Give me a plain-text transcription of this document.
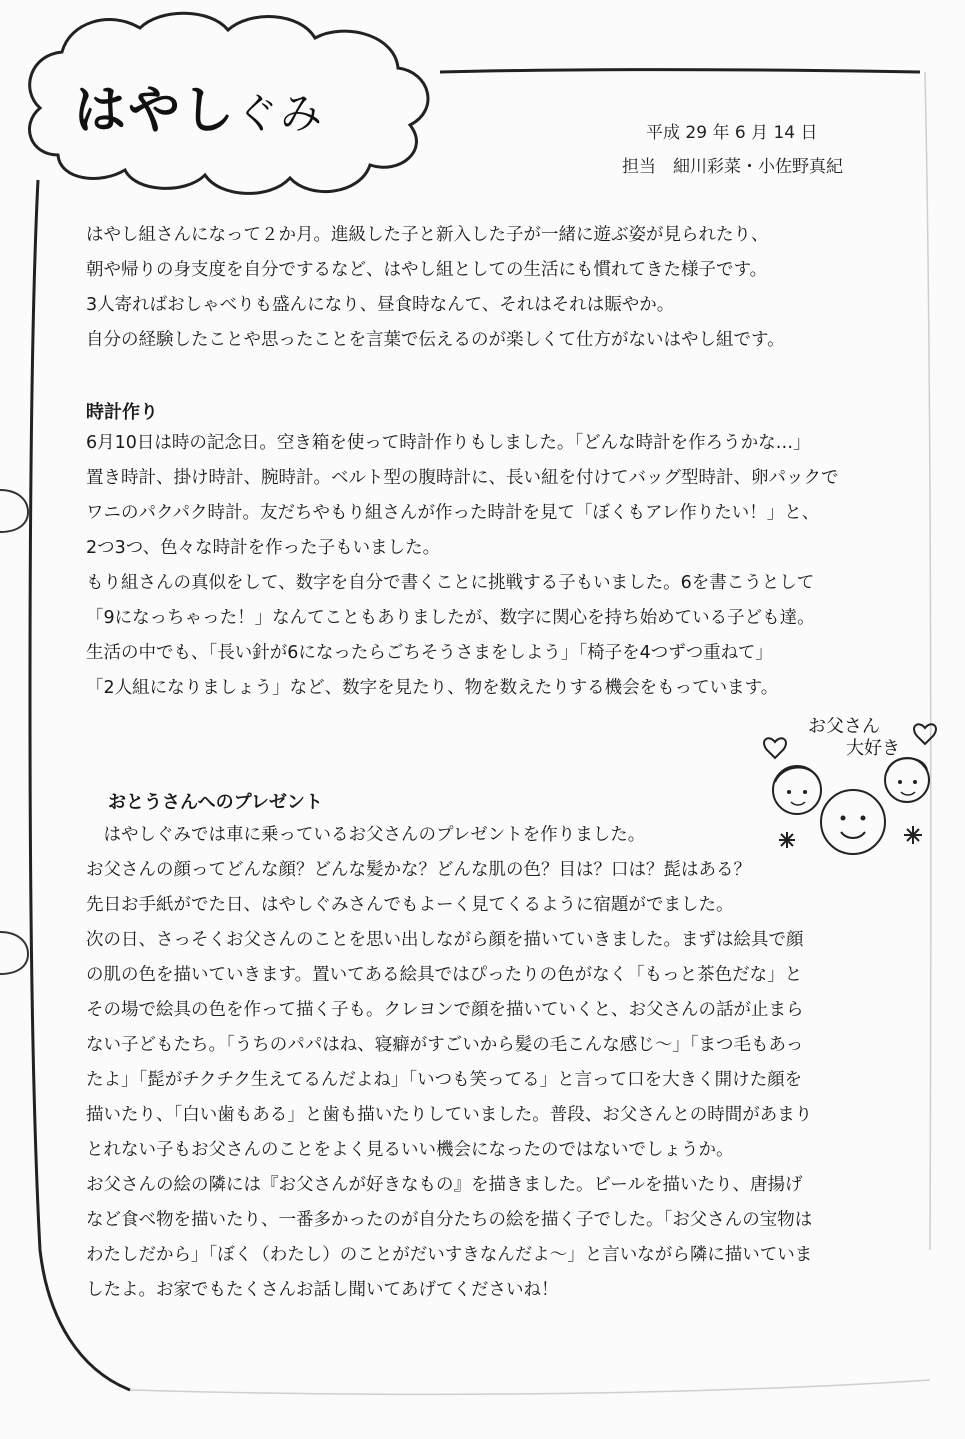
はやしぐみ	平成 29 年 6 月 14 日
担当　細川彩菜・小佐野真紀

はやし組さんになって２か月。進級した子と新入した子が一緒に遊ぶ姿が見られたり、
朝や帰りの身支度を自分でするなど、はやし組としての生活にも慣れてきた様子です。
3人寄ればおしゃべりも盛んになり、昼食時なんて、それはそれは賑やか。
自分の経験したことや思ったことを言葉で伝えるのが楽しくて仕方がないはやし組です。

時計作り

6月10日は時の記念日。空き箱を使って時計作りもしました。「どんな時計を作ろうかな…」
置き時計、掛け時計、腕時計。ベルト型の腹時計に、長い紐を付けてバッグ型時計、卵パックで
ワニのパクパク時計。友だちやもり組さんが作った時計を見て「ぼくもアレ作りたい！」と、
2つ3つ、色々な時計を作った子もいました。
もり組さんの真似をして、数字を自分で書くことに挑戦する子もいました。6を書こうとして
「9になっちゃった！」なんてこともありましたが、数字に関心を持ち始めている子ども達。
生活の中でも、「長い針が6になったらごちそうさまをしよう」「椅子を4つずつ重ねて」
「2人組になりましょう」など、数字を見たり、物を数えたりする機会をもっています。

お父さん
大好き
おとうさんへのプレゼント

　はやしぐみでは車に乗っているお父さんのプレゼントを作りました。
お父さんの顔ってどんな顔？どんな髪かな？どんな肌の色？目は？口は？髭はある？
先日お手紙がでた日、はやしぐみさんでもよーく見てくるように宿題がでました。
次の日、さっそくお父さんのことを思い出しながら顔を描いていきました。まずは絵具で顔
の肌の色を描いていきます。置いてある絵具ではぴったりの色がなく「もっと茶色だな」と
その場で絵具の色を作って描く子も。クレヨンで顔を描いていくと、お父さんの話が止まら
ない子どもたち。「うちのパパはね、寝癖がすごいから髪の毛こんな感じ～」「まつ毛もあっ
たよ」「髭がチクチク生えてるんだよね」「いつも笑ってる」と言って口を大きく開けた顔を
描いたり、「白い歯もある」と歯も描いたりしていました。普段、お父さんとの時間があまり
とれない子もお父さんのことをよく見るいい機会になったのではないでしょうか。
お父さんの絵の隣には『お父さんが好きなもの』を描きました。ビールを描いたり、唐揚げ
など食べ物を描いたり、一番多かったのが自分たちの絵を描く子でした。「お父さんの宝物は
わたしだから」「ぼく（わたし）のことがだいすきなんだよ～」と言いながら隣に描いていま
したよ。お家でもたくさんお話し聞いてあげてくださいね！
